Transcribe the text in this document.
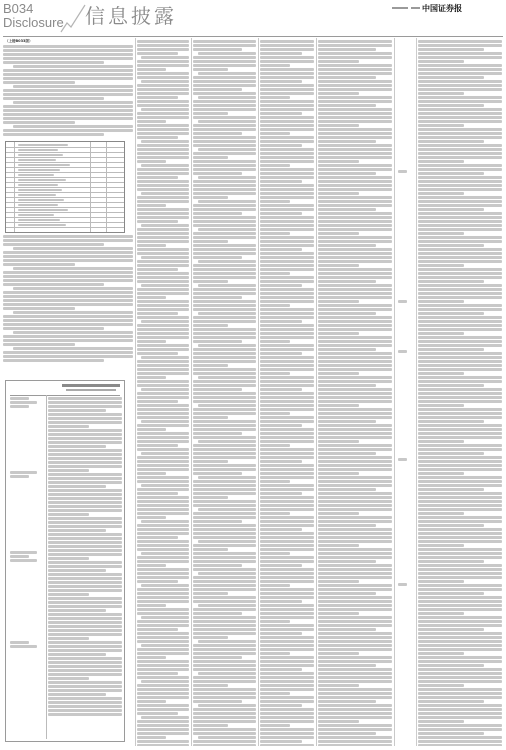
B034
Disclosure 信息披露
	中国证券报
（上接B033版）
